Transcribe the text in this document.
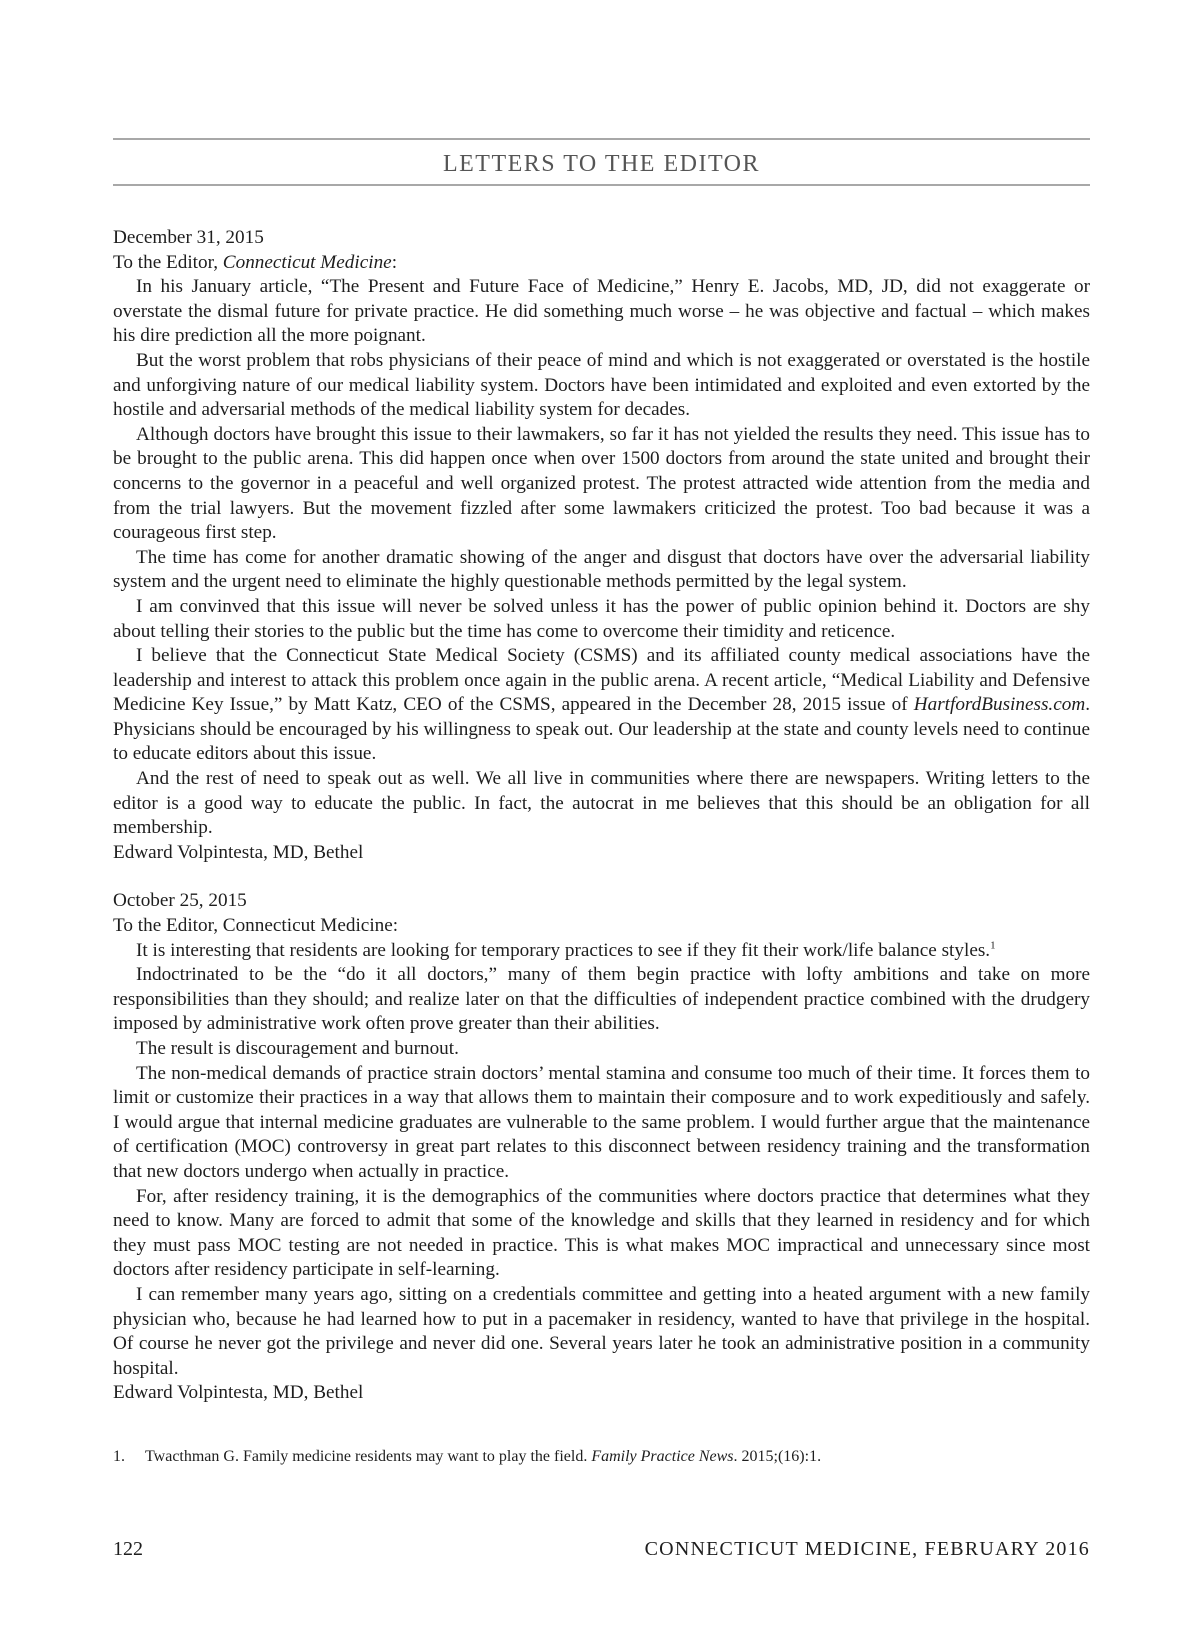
LETTERS TO THE EDITOR

December 31, 2015

To the Editor, Connecticut Medicine:

In his January article, “The Present and Future Face of Medicine,” Henry E. Jacobs, MD, JD, did not exaggerate or overstate the dismal future for private practice. He did something much worse – he was objective and factual – which makes his dire prediction all the more poignant.

But the worst problem that robs physicians of their peace of mind and which is not exaggerated or overstated is the hostile and unforgiving nature of our medical liability system. Doctors have been intimidated and exploited and even extorted by the hostile and adversarial methods of the medical liability system for decades.

Although doctors have brought this issue to their lawmakers, so far it has not yielded the results they need. This issue has to be brought to the public arena. This did happen once when over 1500 doctors from around the state united and brought their concerns to the governor in a peaceful and well organized protest. The protest attracted wide attention from the media and from the trial lawyers. But the movement fizzled after some lawmakers criticized the protest. Too bad because it was a courageous first step.

The time has come for another dramatic showing of the anger and disgust that doctors have over the adversarial liability system and the urgent need to eliminate the highly questionable methods permitted by the legal system.

I am convinved that this issue will never be solved unless it has the power of public opinion behind it. Doctors are shy about telling their stories to the public but the time has come to overcome their timidity and reticence.

I believe that the Connecticut State Medical Society (CSMS) and its affiliated county medical associations have the leadership and interest to attack this problem once again in the public arena. A recent article, “Medical Liability and Defensive Medicine Key Issue,” by Matt Katz, CEO of the CSMS, appeared in the December 28, 2015 issue of HartfordBusiness.com. Physicians should be encouraged by his willingness to speak out. Our leadership at the state and county levels need to continue to educate editors about this issue.

And the rest of need to speak out as well. We all live in communities where there are newspapers. Writing letters to the editor is a good way to educate the public. In fact, the autocrat in me believes that this should be an obligation for all membership.

Edward Volpintesta, MD, Bethel

October 25, 2015

To the Editor, Connecticut Medicine:

It is interesting that residents are looking for temporary practices to see if they fit their work/life balance styles.$^1$

Indoctrinated to be the “do it all doctors,” many of them begin practice with lofty ambitions and take on more responsibilities than they should; and realize later on that the difficulties of independent practice combined with the drudgery imposed by administrative work often prove greater than their abilities.

The result is discouragement and burnout.

The non-medical demands of practice strain doctors’ mental stamina and consume too much of their time. It forces them to limit or customize their practices in a way that allows them to maintain their composure and to work expeditiously and safely. I would argue that internal medicine graduates are vulnerable to the same problem. I would further argue that the maintenance of certification (MOC) controversy in great part relates to this disconnect between residency training and the transformation that new doctors undergo when actually in practice.

For, after residency training, it is the demographics of the communities where doctors practice that determines what they need to know. Many are forced to admit that some of the knowledge and skills that they learned in residency and for which they must pass MOC testing are not needed in practice. This is what makes MOC impractical and unnecessary since most doctors after residency participate in self-learning.

I can remember many years ago, sitting on a credentials committee and getting into a heated argument with a new family physician who, because he had learned how to put in a pacemaker in residency, wanted to have that privilege in the hospital. Of course he never got the privilege and never did one. Several years later he took an administrative position in a community hospital.

Edward Volpintesta, MD, Bethel

1. Twacthman G. Family medicine residents may want to play the field. Family Practice News. 2015;(16):1.
122	CONNECTICUT MEDICINE, FEBRUARY 2016
